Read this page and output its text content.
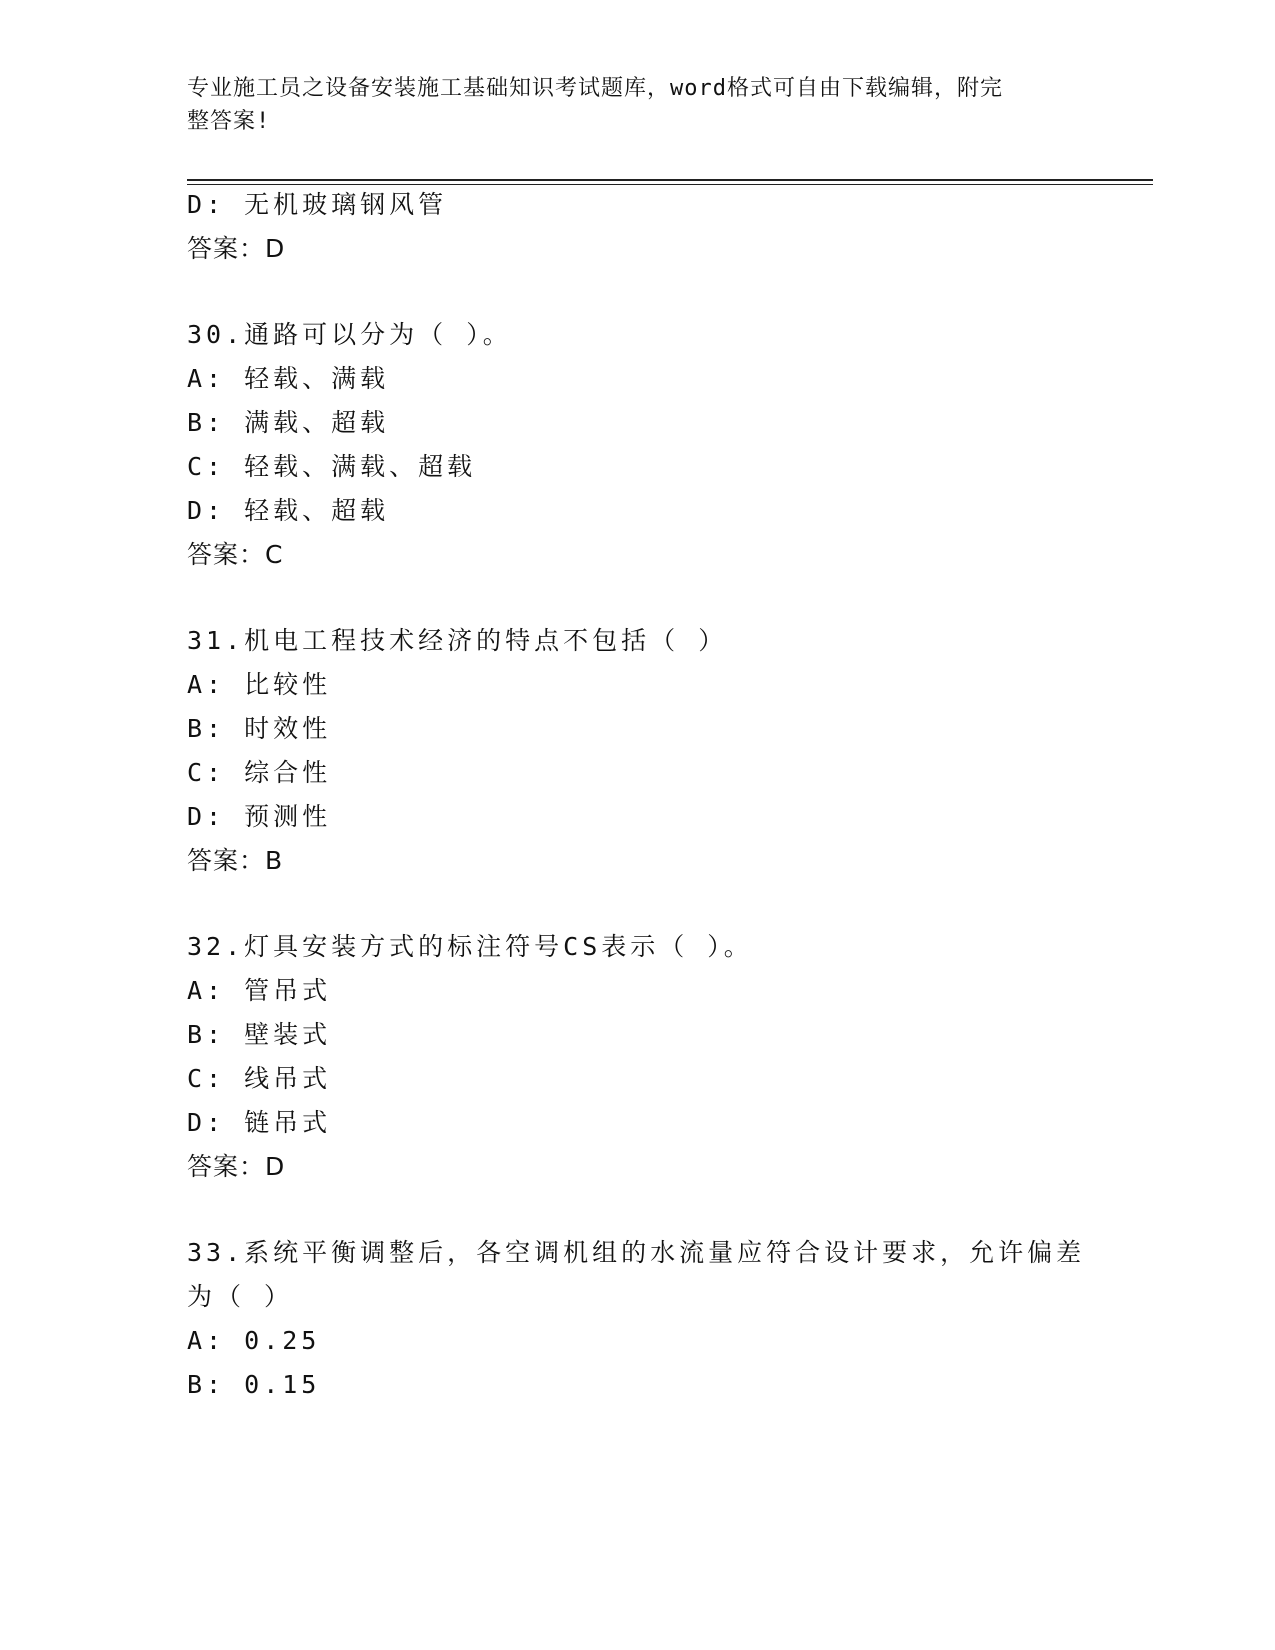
专业施工员之设备安装施工基础知识考试题库，word格式可自由下载编辑，附完
整答案!
D: 无机玻璃钢风管
答案：D
30.通路可以分为（ ）。
A: 轻载、满载
B: 满载、超载
C: 轻载、满载、超载
D: 轻载、超载
答案：C
31.机电工程技术经济的特点不包括（ ）
A: 比较性
B: 时效性
C: 综合性
D: 预测性
答案：B
32.灯具安装方式的标注符号CS表示（ ）。
A: 管吊式
B: 壁装式
C: 线吊式
D: 链吊式
答案：D
33.系统平衡调整后，各空调机组的水流量应符合设计要求，允许偏差
为（ ）
A: 0.25
B: 0.15
